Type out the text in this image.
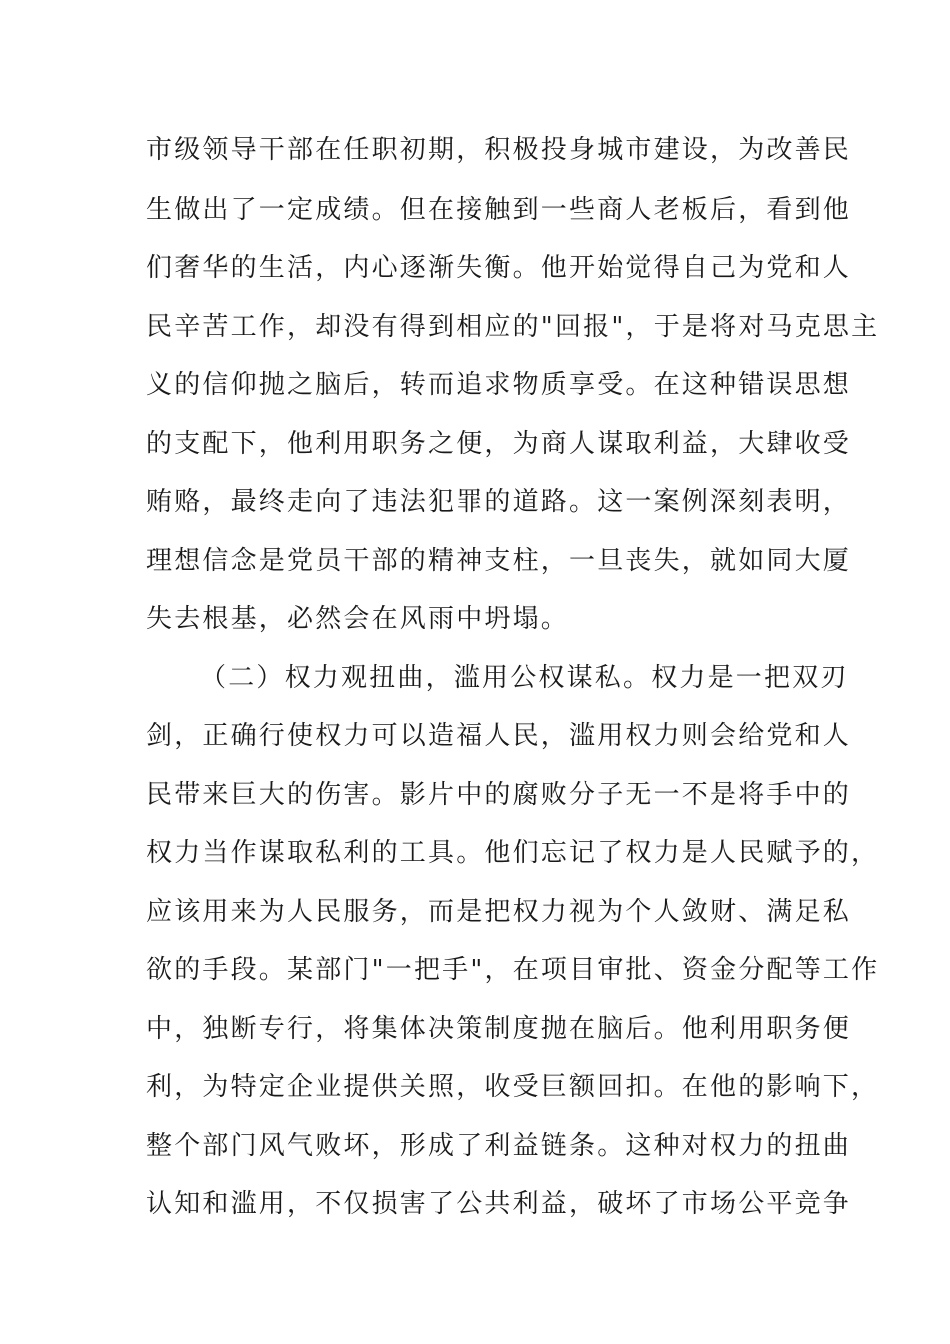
市级领导干部在任职初期，积极投身城市建设，为改善民
生做出了一定成绩。但在接触到一些商人老板后，看到他
们奢华的生活，内心逐渐失衡。他开始觉得自己为党和人
民辛苦工作，却没有得到相应的"回报"，于是将对马克思主
义的信仰抛之脑后，转而追求物质享受。在这种错误思想
的支配下，他利用职务之便，为商人谋取利益，大肆收受
贿赂，最终走向了违法犯罪的道路。这一案例深刻表明，
理想信念是党员干部的精神支柱，一旦丧失，就如同大厦
失去根基，必然会在风雨中坍塌。
（二）权力观扭曲，滥用公权谋私。权力是一把双刃
剑，正确行使权力可以造福人民，滥用权力则会给党和人
民带来巨大的伤害。影片中的腐败分子无一不是将手中的
权力当作谋取私利的工具。他们忘记了权力是人民赋予的，
应该用来为人民服务，而是把权力视为个人敛财、满足私
欲的手段。某部门"一把手"，在项目审批、资金分配等工作
中，独断专行，将集体决策制度抛在脑后。他利用职务便
利，为特定企业提供关照，收受巨额回扣。在他的影响下，
整个部门风气败坏，形成了利益链条。这种对权力的扭曲
认知和滥用，不仅损害了公共利益，破坏了市场公平竞争
